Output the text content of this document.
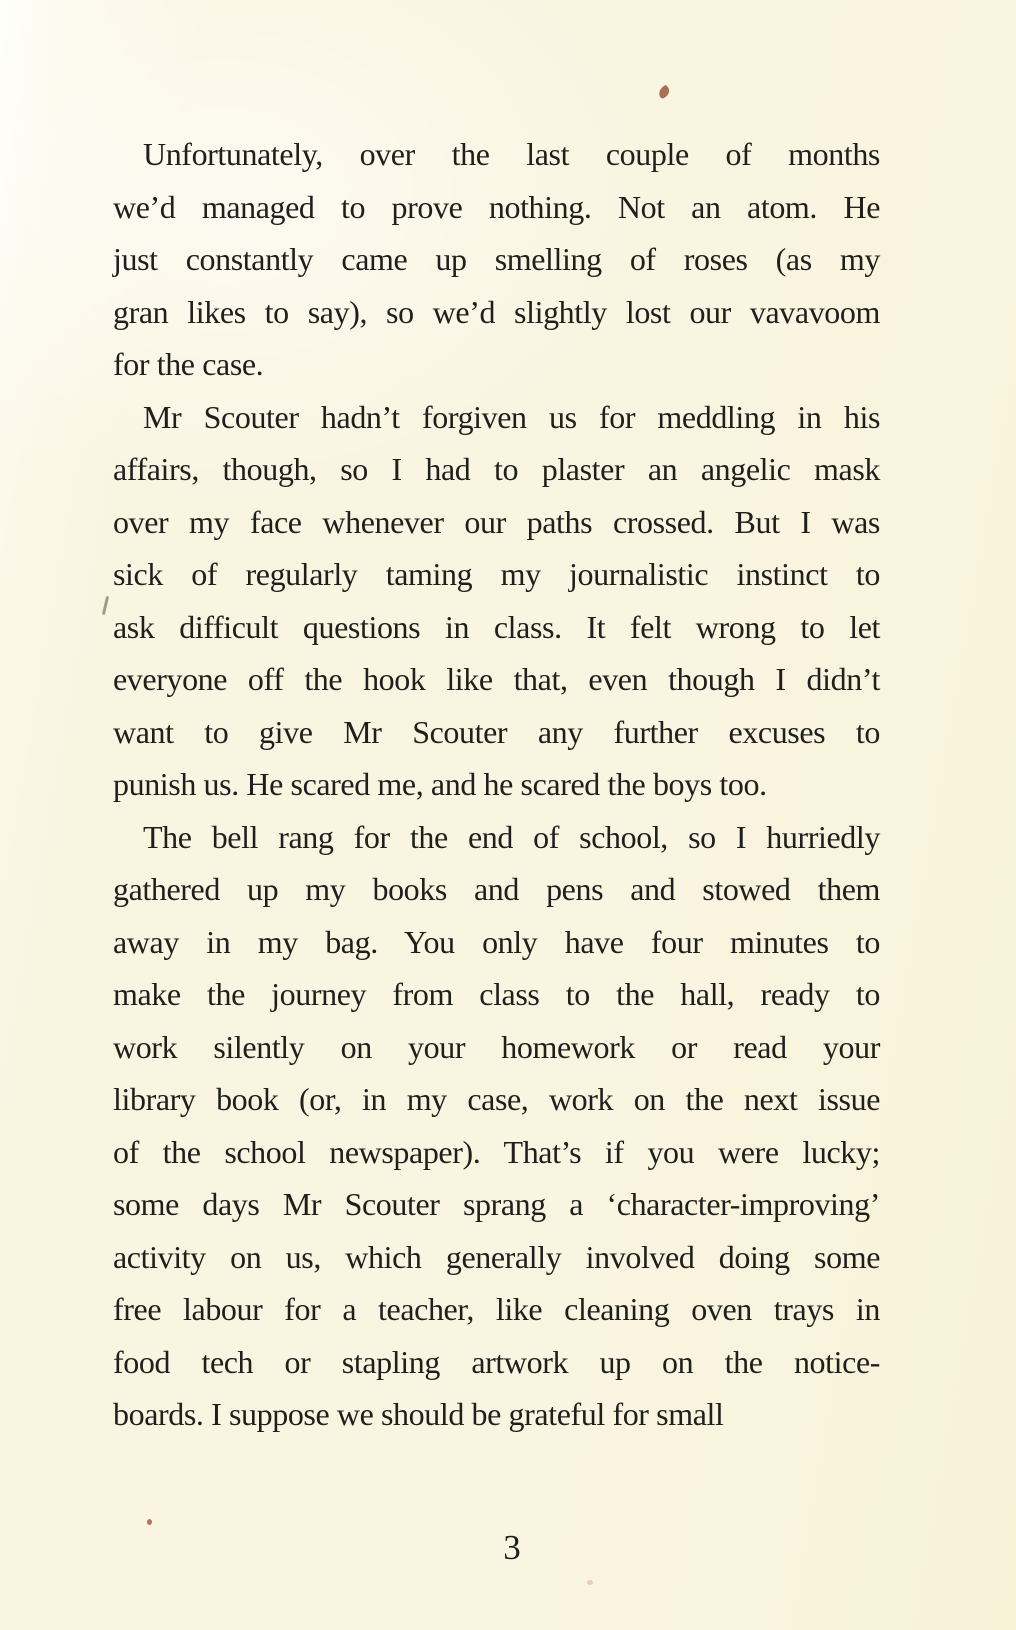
Unfortunately, over the last couple of months
we’d managed to prove nothing. Not an atom. He
just constantly came up smelling of roses (as my
gran likes to say), so we’d slightly lost our vavavoom
for the case.
Mr Scouter hadn’t forgiven us for meddling in his
affairs, though, so I had to plaster an angelic mask
over my face whenever our paths crossed. But I was
sick of regularly taming my journalistic instinct to
ask difficult questions in class. It felt wrong to let
everyone off the hook like that, even though I didn’t
want to give Mr Scouter any further excuses to
punish us. He scared me, and he scared the boys too.
The bell rang for the end of school, so I hurriedly
gathered up my books and pens and stowed them
away in my bag. You only have four minutes to
make the journey from class to the hall, ready to
work silently on your homework or read your
library book (or, in my case, work on the next issue
of the school newspaper). That’s if you were lucky;
some days Mr Scouter sprang a ‘character-improving’
activity on us, which generally involved doing some
free labour for a teacher, like cleaning oven trays in
food tech or stapling artwork up on the notice-
boards. I suppose we should be grateful for small
3
